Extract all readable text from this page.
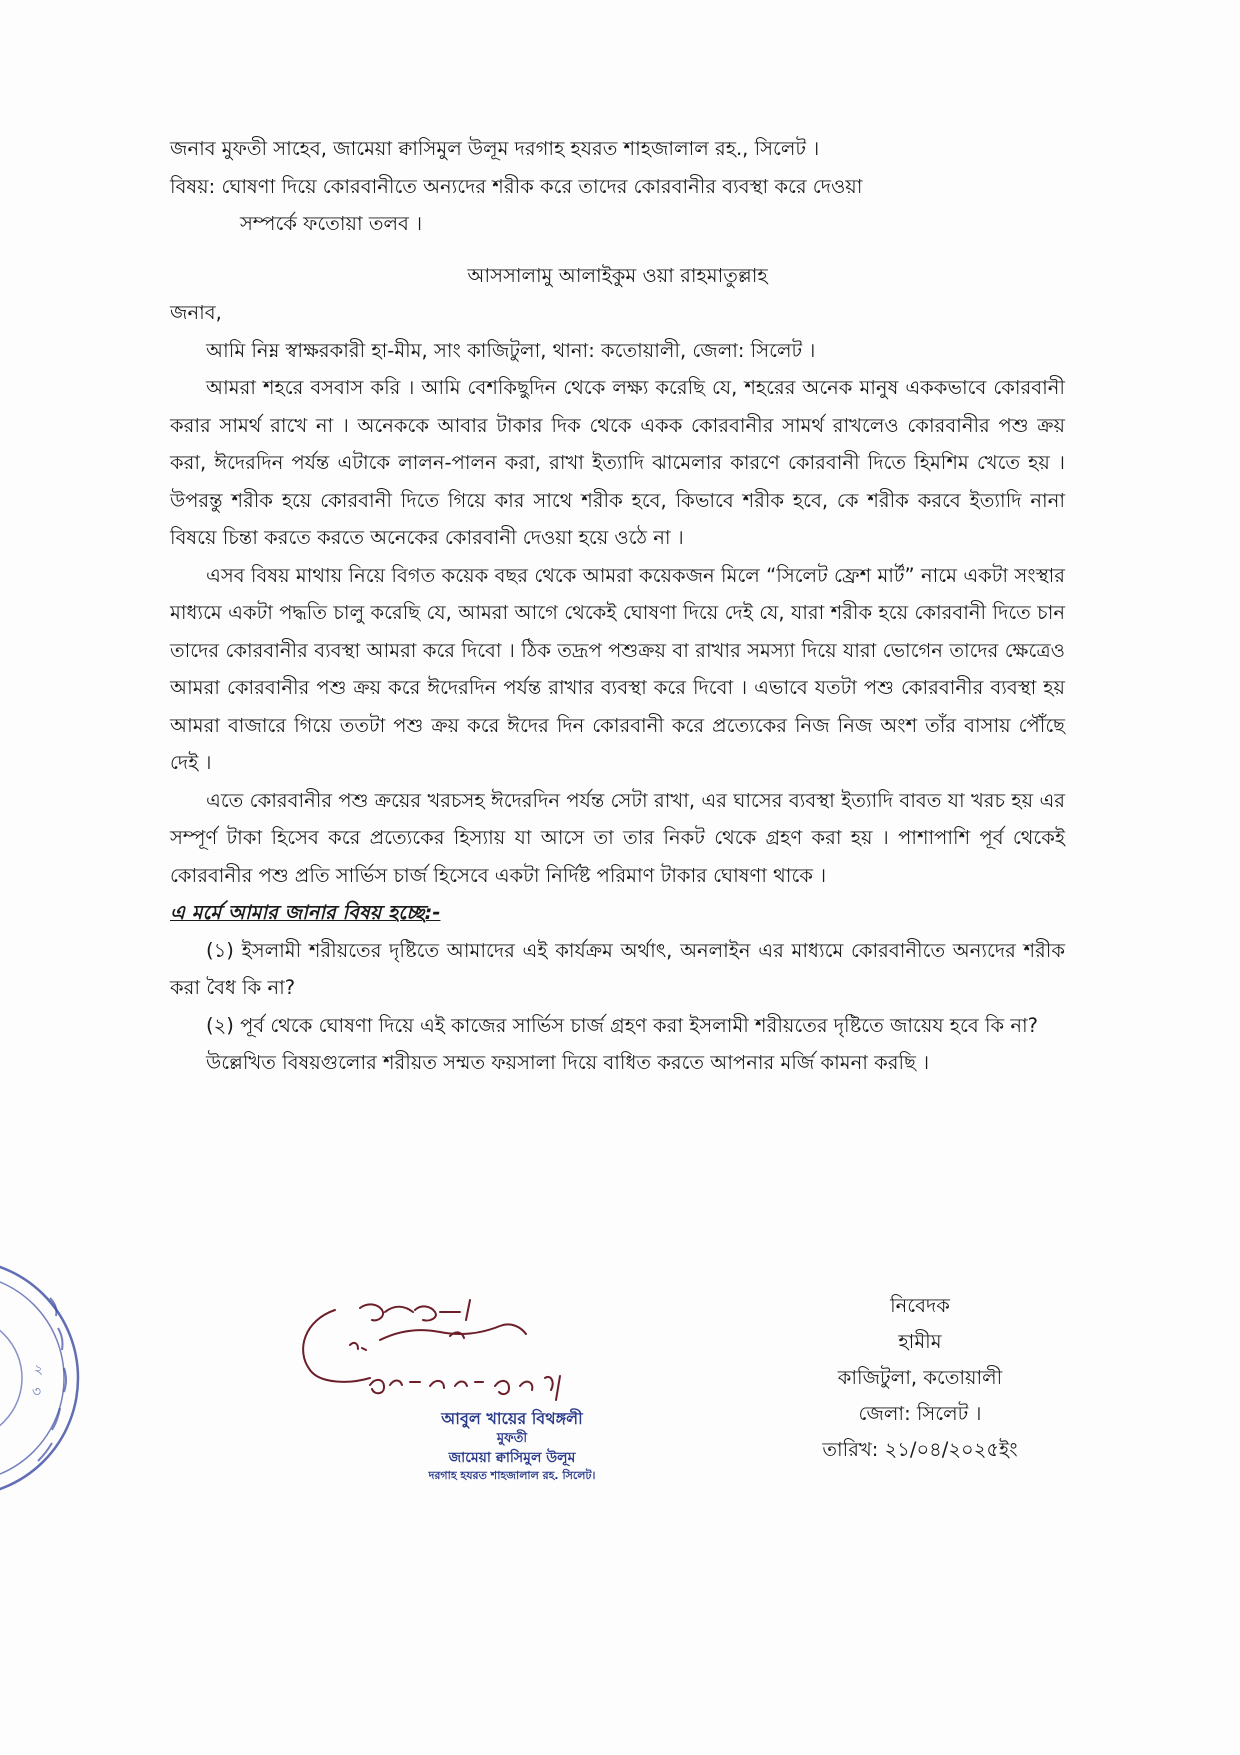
জনাব মুফতী সাহেব, জামেয়া ক্বাসিমুল উলূম দরগাহ হযরত শাহজালাল রহ., সিলেট ।

বিষয়: ঘোষণা দিয়ে কোরবানীতে অন্যদের শরীক করে তাদের কোরবানীর ব্যবস্থা করে দেওয়া

সম্পর্কে ফতোয়া তলব ।

আসসালামু আলাইকুম ওয়া রাহমাতুল্লাহ

জনাব,

আমি নিম্ন স্বাক্ষরকারী হা-মীম, সাং কাজিটুলা, থানা: কতোয়ালী, জেলা: সিলেট ।

আমরা শহরে বসবাস করি । আমি বেশকিছুদিন থেকে লক্ষ্য করেছি যে, শহরের অনেক মানুষ এককভাবে কোরবানী করার সামর্থ রাখে না । অনেককে আবার টাকার দিক থেকে একক কোরবানীর সামর্থ রাখলেও কোরবানীর পশু ক্রয় করা, ঈদেরদিন পর্যন্ত এটাকে লালন-পালন করা, রাখা ইত্যাদি ঝামেলার কারণে কোরবানী দিতে হিমশিম খেতে হয় । উপরন্তু শরীক হয়ে কোরবানী দিতে গিয়ে কার সাথে শরীক হবে, কিভাবে শরীক হবে, কে শরীক করবে ইত্যাদি নানা বিষয়ে চিন্তা করতে করতে অনেকের কোরবানী দেওয়া হয়ে ওঠে না ।

এসব বিষয় মাথায় নিয়ে বিগত কয়েক বছর থেকে আমরা কয়েকজন মিলে “সিলেট ফ্রেশ মার্ট” নামে একটা সংস্থার মাধ্যমে একটা পদ্ধতি চালু করেছি যে, আমরা আগে থেকেই ঘোষণা দিয়ে দেই যে, যারা শরীক হয়ে কোরবানী দিতে চান তাদের কোরবানীর ব্যবস্থা আমরা করে দিবো । ঠিক তদ্রূপ পশুক্রয় বা রাখার সমস্যা দিয়ে যারা ভোগেন তাদের ক্ষেত্রেও আমরা কোরবানীর পশু ক্রয় করে ঈদেরদিন পর্যন্ত রাখার ব্যবস্থা করে দিবো । এভাবে যতটা পশু কোরবানীর ব্যবস্থা হয় আমরা বাজারে গিয়ে ততটা পশু ক্রয় করে ঈদের দিন কোরবানী করে প্রত্যেকের নিজ নিজ অংশ তাঁর বাসায় পৌঁছে দেই ।

এতে কোরবানীর পশু ক্রয়ের খরচসহ ঈদেরদিন পর্যন্ত সেটা রাখা, এর ঘাসের ব্যবস্থা ইত্যাদি বাবত যা খরচ হয় এর সম্পূর্ণ টাকা হিসেব করে প্রত্যেকের হিস্যায় যা আসে তা তার নিকট থেকে গ্রহণ করা হয় । পাশাপাশি পূর্ব থেকেই কোরবানীর পশু প্রতি সার্ভিস চার্জ হিসেবে একটা নির্দিষ্ট পরিমাণ টাকার ঘোষণা থাকে ।

এ মর্মে আমার জানার বিষয় হচ্ছে:-

(১) ইসলামী শরীয়তের দৃষ্টিতে আমাদের এই কার্যক্রম অর্থাৎ, অনলাইন এর মাধ্যমে কোরবানীতে অন্যদের শরীক করা বৈধ কি না?

(২) পূর্ব থেকে ঘোষণা দিয়ে এই কাজের সার্ভিস চার্জ গ্রহণ করা ইসলামী শরীয়তের দৃষ্টিতে জায়েয হবে কি না?

উল্লেখিত বিষয়গুলোর শরীয়ত সম্মত ফয়সালা দিয়ে বাধিত করতে আপনার মর্জি কামনা করছি ।

২
৩
আবুল খায়ের বিথঙ্গলী
মুফতী
জামেয়া ক্বাসিমুল উলূম
দরগাহ হযরত শাহজালাল রহ. সিলেট।
নিবেদক
হামীম
কাজিটুলা, কতোয়ালী
জেলা: সিলেট ।
তারিখ: ২১/০৪/২০২৫ইং
